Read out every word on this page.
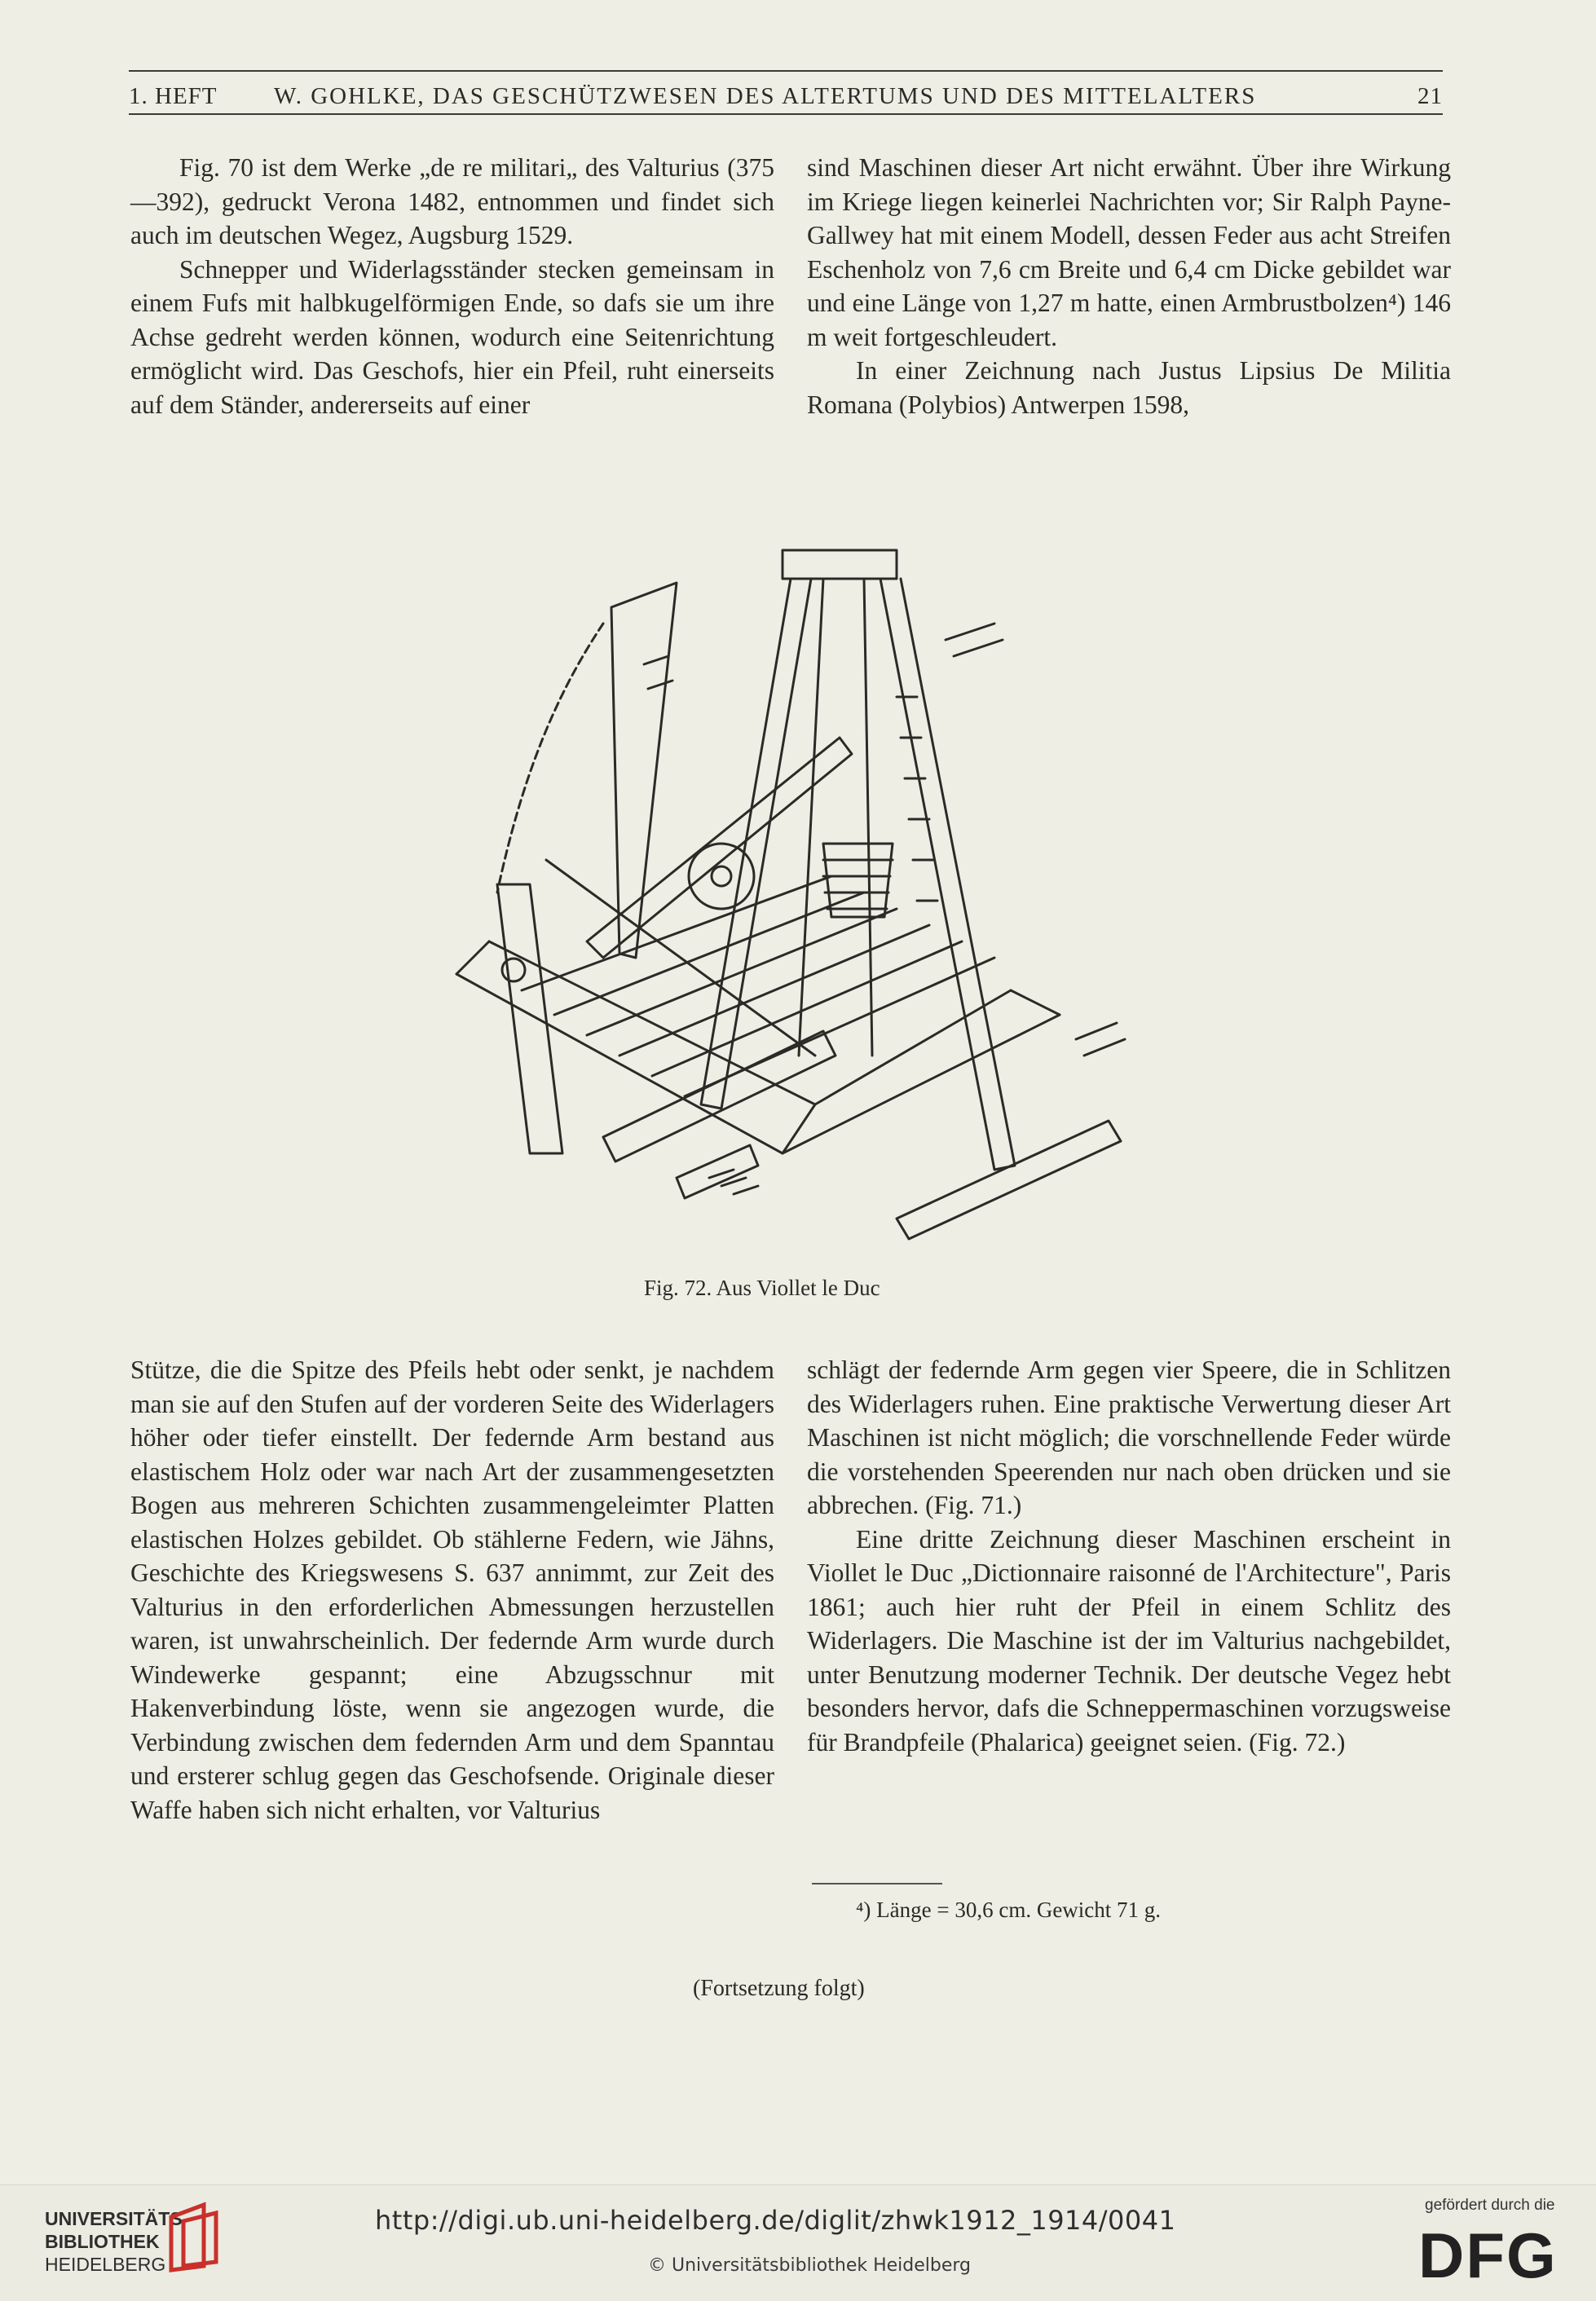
1. HEFT W. GOHLKE, DAS GESCHÜTZWESEN DES ALTERTUMS UND DES MITTELALTERS	21

Fig. 70 ist dem Werke „de re militari„ des Valturius (375—392), gedruckt Verona 1482, entnommen und findet sich auch im deutschen Wegez, Augsburg 1529.

Schnepper und Widerlagsständer stecken gemeinsam in einem Fufs mit halbkugelförmigen Ende, so dafs sie um ihre Achse gedreht werden können, wodurch eine Seitenrichtung ermöglicht wird. Das Geschofs, hier ein Pfeil, ruht einerseits auf dem Ständer, andererseits auf einer

sind Maschinen dieser Art nicht erwähnt. Über ihre Wirkung im Kriege liegen keinerlei Nachrichten vor; Sir Ralph Payne-Gallwey hat mit einem Modell, dessen Feder aus acht Streifen Eschenholz von 7,6 cm Breite und 6,4 cm Dicke gebildet war und eine Länge von 1,27 m hatte, einen Armbrustbolzen⁴) 146 m weit fortgeschleudert.

In einer Zeichnung nach Justus Lipsius De Militia Romana (Polybios) Antwerpen 1598,

Fig. 72. Aus Viollet le Duc

Stütze, die die Spitze des Pfeils hebt oder senkt, je nachdem man sie auf den Stufen auf der vorderen Seite des Widerlagers höher oder tiefer einstellt. Der federnde Arm bestand aus elastischem Holz oder war nach Art der zusammengesetzten Bogen aus mehreren Schichten zusammengeleimter Platten elastischen Holzes gebildet. Ob stählerne Federn, wie Jähns, Geschichte des Kriegswesens S. 637 annimmt, zur Zeit des Valturius in den erforderlichen Abmessungen herzustellen waren, ist unwahrscheinlich. Der federnde Arm wurde durch Windewerke gespannt; eine Abzugsschnur mit Hakenverbindung löste, wenn sie angezogen wurde, die Verbindung zwischen dem federnden Arm und dem Spanntau und ersterer schlug gegen das Geschofsende. Originale dieser Waffe haben sich nicht erhalten, vor Valturius

schlägt der federnde Arm gegen vier Speere, die in Schlitzen des Widerlagers ruhen. Eine praktische Verwertung dieser Art Maschinen ist nicht möglich; die vorschnellende Feder würde die vorstehenden Speerenden nur nach oben drücken und sie abbrechen. (Fig. 71.)

Eine dritte Zeichnung dieser Maschinen erscheint in Viollet le Duc „Dictionnaire raisonné de l'Architecture", Paris 1861; auch hier ruht der Pfeil in einem Schlitz des Widerlagers. Die Maschine ist der im Valturius nachgebildet, unter Benutzung moderner Technik. Der deutsche Vegez hebt besonders hervor, dafs die Schneppermaschinen vorzugsweise für Brandpfeile (Phalarica) geeignet seien. (Fig. 72.)

⁴) Länge = 30,6 cm. Gewicht 71 g.
(Fortsetzung folgt)
UNIVERSITÄTS-
BIBLIOTHEK
HEIDELBERG
http://digi.ub.uni-heidelberg.de/diglit/zhwk1912_1914/0041
© Universitätsbibliothek Heidelberg
gefördert durch die
DFG
